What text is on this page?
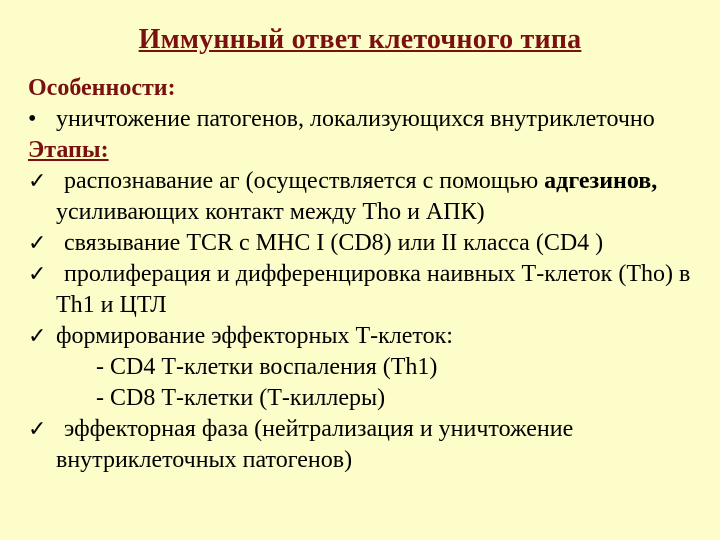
Иммунный ответ клеточного типа
Особенности:
• уничтожение патогенов, локализующихся внутриклеточно
Этапы:
✓ распознавание аг (осуществляется с помощью адгезинов, усиливающих контакт между Tho и АПК)
✓ связывание TCR с MHC I (CD8) или II класса (CD4 )
✓ пролиферация и дифференцировка наивных Т-клеток (Tho) в Th1 и ЦТЛ
✓ формирование эффекторных Т-клеток:
- CD4 Т-клетки воспаления (Th1)
- CD8 Т-клетки (Т-киллеры)
✓ эффекторная фаза (нейтрализация и уничтожение внутриклеточных патогенов)
